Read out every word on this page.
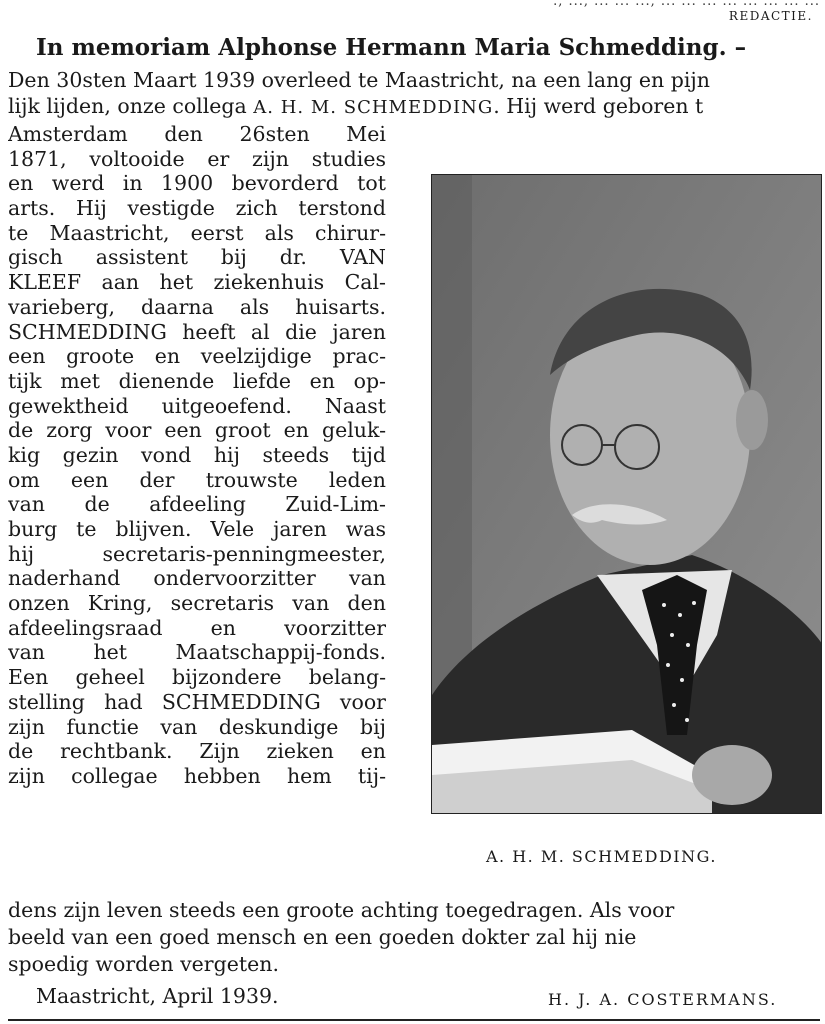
., ..., ... ... ..., ... ... ... ... ... ... ... ...
REDACTIE.
In memoriam Alphonse Hermann Maria Schmedding. –
Den 30sten Maart 1939 overleed te Maastricht, na een lang en pijn
lijk lijden, onze collega A. H. M. SCHMEDDING. Hij werd geboren t
Amsterdam den 26sten Mei
1871, voltooide er zijn studies
en werd in 1900 bevorderd tot
arts. Hij vestigde zich terstond
te Maastricht, eerst als chirur-
gisch assistent bij dr. VAN
KLEEF aan het ziekenhuis Cal-
varieberg, daarna als huisarts.
SCHMEDDING heeft al die jaren
een groote en veelzijdige prac-
tijk met dienende liefde en op-
gewektheid uitgeoefend. Naast
de zorg voor een groot en geluk-
kig gezin vond hij steeds tijd
om een der trouwste leden
van de afdeeling Zuid-Lim-
burg te blijven. Vele jaren was
hij secretaris-penningmeester,
naderhand ondervoorzitter van
onzen Kring, secretaris van den
afdeelingsraad en voorzitter
van het Maatschappij-fonds.
Een geheel bijzondere belang-
stelling had SCHMEDDING voor
zijn functie van deskundige bij
de rechtbank. Zijn zieken en
zijn collegae hebben hem tij-
A. H. M. SCHMEDDING.
dens zijn leven steeds een groote achting toegedragen. Als voor
beeld van een goed mensch en een goeden dokter zal hij nie
spoedig worden vergeten.
Maastricht, April 1939.	H. J. A. COSTERMANS.
